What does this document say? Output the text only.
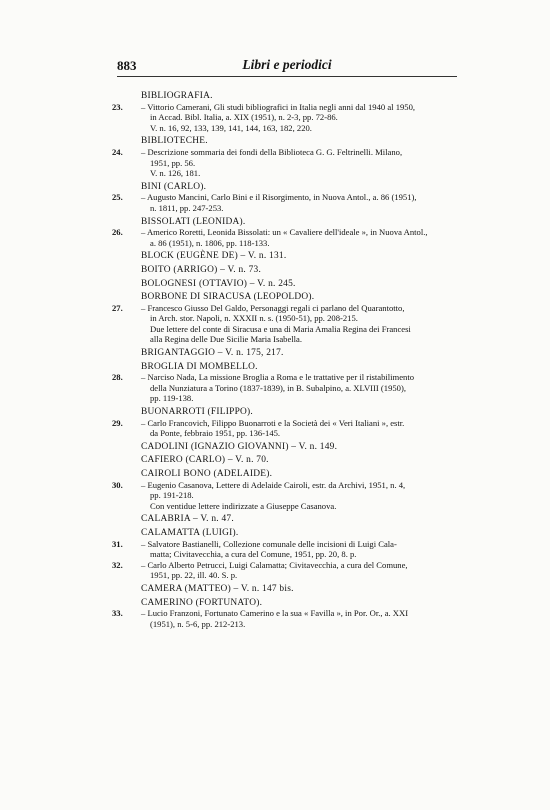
883	Libri e periodici
BIBLIOGRAFIA.
23. – Vittorio Camerani, Gli studi bibliografici in Italia negli anni dal 1940 al 1950,
in Accad. Bibl. Italia, a. XIX (1951), n. 2-3, pp. 72-86.
V. n. 16, 92, 133, 139, 141, 144, 163, 182, 220.
BIBLIOTECHE.
24. – Descrizione sommaria dei fondi della Biblioteca G. G. Feltrinelli. Milano,
1951, pp. 56.
V. n. 126, 181.
BINI (CARLO).
25. – Augusto Mancini, Carlo Bini e il Risorgimento, in Nuova Antol., a. 86 (1951),
n. 1811, pp. 247-253.
BISSOLATI (LEONIDA).
26. – Americo Roretti, Leonida Bissolati: un « Cavaliere dell'ideale », in Nuova Antol.,
a. 86 (1951), n. 1806, pp. 118-133.
BLOCK (EUGÈNE DE) – V. n. 131.
BOITO (ARRIGO) – V. n. 73.
BOLOGNESI (OTTAVIO) – V. n. 245.
BORBONE DI SIRACUSA (LEOPOLDO).
27. – Francesco Giusso Del Galdo, Personaggi regali ci parlano del Quarantotto,
in Arch. stor. Napoli, n. XXXII n. s. (1950-51), pp. 208-215.
Due lettere del conte di Siracusa e una di Maria Amalia Regina dei Francesi
alla Regina delle Due Sicilie Maria Isabella.
BRIGANTAGGIO – V. n. 175, 217.
BROGLIA DI MOMBELLO.
28. – Narciso Nada, La missione Broglia a Roma e le trattative per il ristabilimento
della Nunziatura a Torino (1837-1839), in B. Subalpino, a. XLVIII (1950),
pp. 119-138.
BUONARROTI (FILIPPO).
29. – Carlo Francovich, Filippo Buonarroti e la Società dei « Veri Italiani », estr.
da Ponte, febbraio 1951, pp. 136-145.
CADOLINI (IGNAZIO GIOVANNI) – V. n. 149.
CAFIERO (CARLO) – V. n. 70.
CAIROLI BONO (ADELAIDE).
30. – Eugenio Casanova, Lettere di Adelaide Cairoli, estr. da Archivi, 1951, n. 4,
pp. 191-218.
Con ventidue lettere indirizzate a Giuseppe Casanova.
CALABRIA – V. n. 47.
CALAMATTA (LUIGI).
31. – Salvatore Bastianelli, Collezione comunale delle incisioni di Luigi Cala-
matta; Civitavecchia, a cura del Comune, 1951, pp. 20, 8. p.
32. – Carlo Alberto Petrucci, Luigi Calamatta; Civitavecchia, a cura del Comune,
1951, pp. 22, ill. 40. S. p.
CAMERA (MATTEO) – V. n. 147 bis.
CAMERINO (FORTUNATO).
33. – Lucio Franzoni, Fortunato Camerino e la sua « Favilla », in Por. Or., a. XXI
(1951), n. 5-6, pp. 212-213.
